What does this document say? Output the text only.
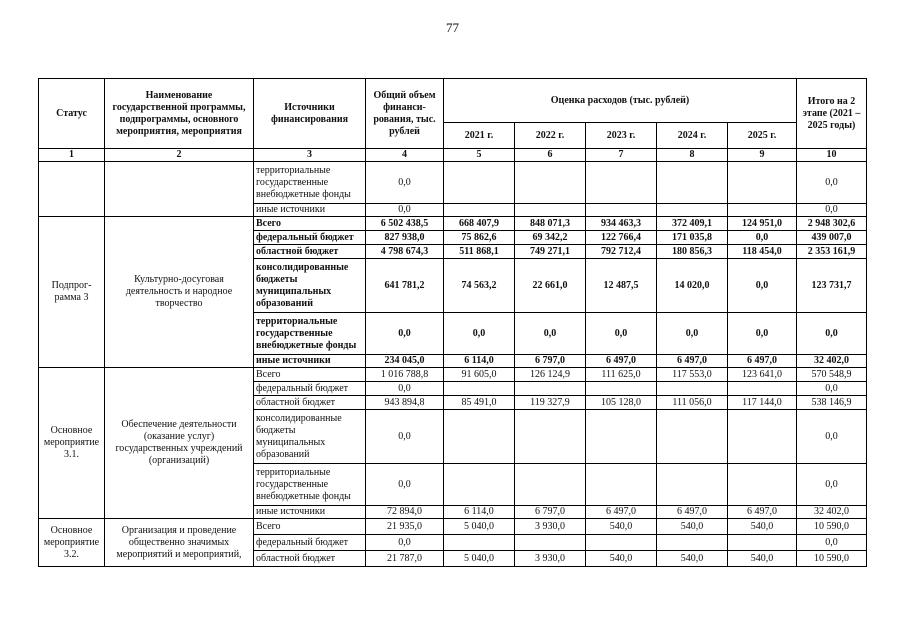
77
Статус	Наименование государственной программы, подпрограммы, основного мероприятия, мероприятия	Источники финансирования	Общий объем финанси- рования, тыс. рублей	Оценка расходов (тыс. рублей)					Итого на 2 этапе (2021 – 2025 годы)
				2021 г.	2022 г.	2023 г.	2024 г.	2025 г.	
1	2	3	4	5	6	7	8	9	10
		территориальные государственные внебюджетные фонды	0,0						0,0
		иные источники	0,0						0,0
Подпрог- рамма 3	Культурно-досуговая деятельность и народное творчество	Всего	6 502 438,5	668 407,9	848 071,3	934 463,3	372 409,1	124 951,0	2 948 302,6
		федеральный бюджет	827 938,0	75 862,6	69 342,2	122 766,4	171 035,8	0,0	439 007,0
		областной бюджет	4 798 674,3	511 868,1	749 271,1	792 712,4	180 856,3	118 454,0	2 353 161,9
		консолидированные бюджеты муниципальных образований	641 781,2	74 563,2	22 661,0	12 487,5	14 020,0	0,0	123 731,7
		территориальные государственные внебюджетные фонды	0,0	0,0	0,0	0,0	0,0	0,0	0,0
		иные источники	234 045,0	6 114,0	6 797,0	6 497,0	6 497,0	6 497,0	32 402,0
Основное мероприятие 3.1.	Обеспечение деятельности (оказание услуг) государственных учреждений (организаций)	Всего	1 016 788,8	91 605,0	126 124,9	111 625,0	117 553,0	123 641,0	570 548,9
		федеральный бюджет	0,0						0,0
		областной бюджет	943 894,8	85 491,0	119 327,9	105 128,0	111 056,0	117 144,0	538 146,9
		консолидированные бюджеты муниципальных образований	0,0						0,0
		территориальные государственные внебюджетные фонды	0,0						0,0
		иные источники	72 894,0	6 114,0	6 797,0	6 497,0	6 497,0	6 497,0	32 402,0
Основное мероприятие 3.2.	Организация и проведение общественно значимых мероприятий и мероприятий,	Всего	21 935,0	5 040,0	3 930,0	540,0	540,0	540,0	10 590,0
		федеральный бюджет	0,0						0,0
		областной бюджет	21 787,0	5 040,0	3 930,0	540,0	540,0	540,0	10 590,0
